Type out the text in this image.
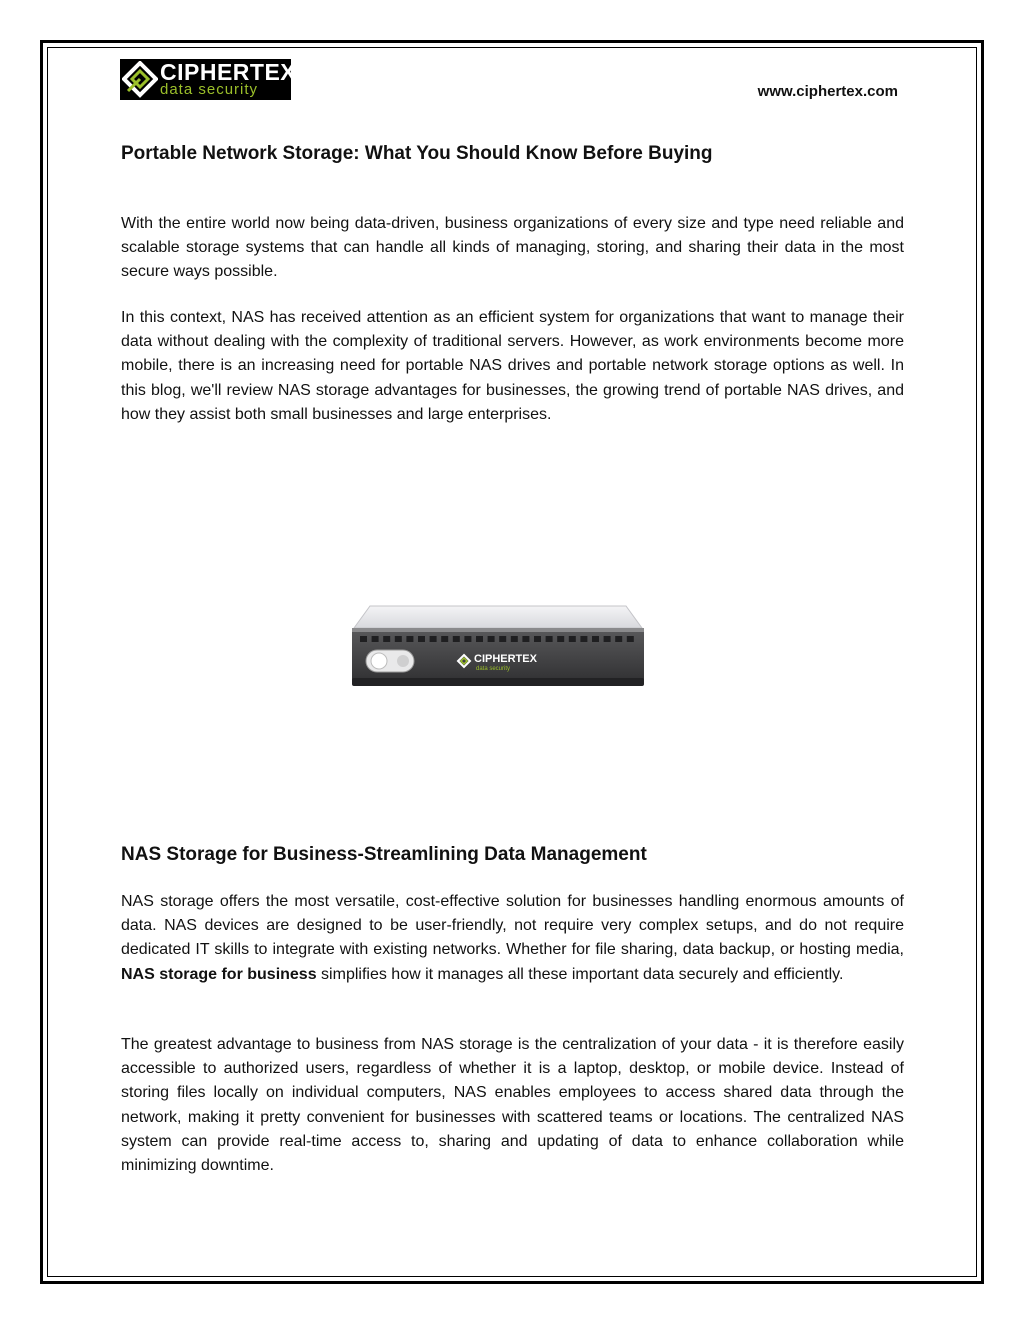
CIPHERTEX®
data security	www.ciphertex.com
Portable Network Storage: What You Should Know Before Buying

With the entire world now being data-driven, business organizations of every size and type need reliable and scalable storage systems that can handle all kinds of managing, storing, and sharing their data in the most secure ways possible.

In this context, NAS has received attention as an efficient system for organizations that want to manage their data without dealing with the complexity of traditional servers. However, as work environments become more mobile, there is an increasing need for portable NAS drives and portable network storage options as well. In this blog, we'll review NAS storage advantages for businesses, the growing trend of portable NAS drives, and how they assist both small businesses and large enterprises.

CIPHERTEX
data security
NAS Storage for Business-Streamlining Data Management

NAS storage offers the most versatile, cost-effective solution for businesses handling enormous amounts of data. NAS devices are designed to be user-friendly, not require very complex setups, and do not require dedicated IT skills to integrate with existing networks. Whether for file sharing, data backup, or hosting media, NAS storage for business simplifies how it manages all these important data securely and efficiently.

The greatest advantage to business from NAS storage is the centralization of your data - it is therefore easily accessible to authorized users, regardless of whether it is a laptop, desktop, or mobile device. Instead of storing files locally on individual computers, NAS enables employees to access shared data through the network, making it pretty convenient for businesses with scattered teams or locations. The centralized NAS system can provide real-time access to, sharing and updating of data to enhance collaboration while minimizing downtime.
